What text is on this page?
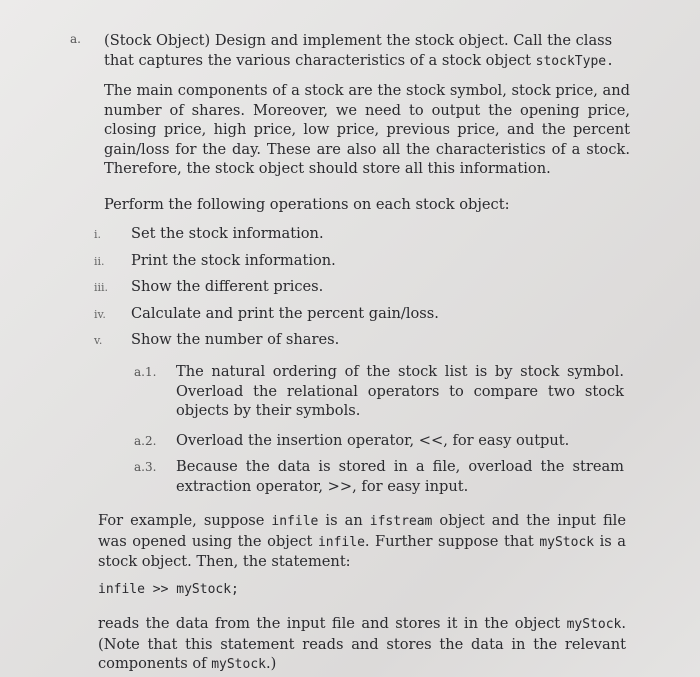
a. (Stock Object) Design and implement the stock object. Call the class
that captures the various characteristics of a stock object stockType.

The main components of a stock are the stock symbol, stock price, and number of shares. Moreover, we need to output the opening price, closing price, high price, low price, previous price, and the percent gain/loss for the day. These are also all the characteristics of a stock. Therefore, the stock object should store all this information.

Perform the following operations on each stock object:

i.	Set the stock information.
ii.	Print the stock information.
iii.	Show the different prices.
iv.	Calculate and print the percent gain/loss.
v.	Show the number of shares.
a.1. The natural ordering of the stock list is by stock symbol. Overload the relational operators to compare two stock objects by their symbols.
a.2. Overload the insertion operator, <<, for easy output.
a.3. Because the data is stored in a file, overload the stream extraction operator, >>, for easy input.

For example, suppose infile is an ifstream object and the input file was opened using the object infile. Further suppose that myStock is a stock object. Then, the statement:

infile >> myStock;

reads the data from the input file and stores it in the object myStock. (Note that this statement reads and stores the data in the relevant components of myStock.)
